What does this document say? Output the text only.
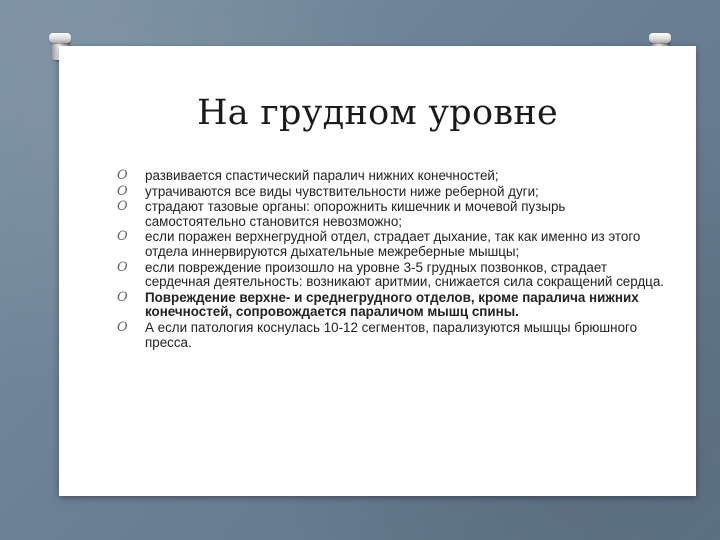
На грудном уровне
O развивается спастический паралич нижних конечностей;
O утрачиваются все виды чувствительности ниже реберной дуги;
O страдают тазовые органы: опорожнить кишечник и мочевой пузырь самостоятельно становится невозможно;
O если поражен верхнегрудной отдел, страдает дыхание, так как именно из этого отдела иннервируются дыхательные межреберные мышцы;
O если повреждение произошло на уровне 3-5 грудных позвонков, страдает сердечная деятельность: возникают аритмии, снижается сила сокращений сердца.
O Повреждение верхне- и среднегрудного отделов, кроме паралича нижних конечностей, сопровождается параличом мышц спины.
O А если патология коснулась 10-12 сегментов, парализуются мышцы брюшного пресса.
